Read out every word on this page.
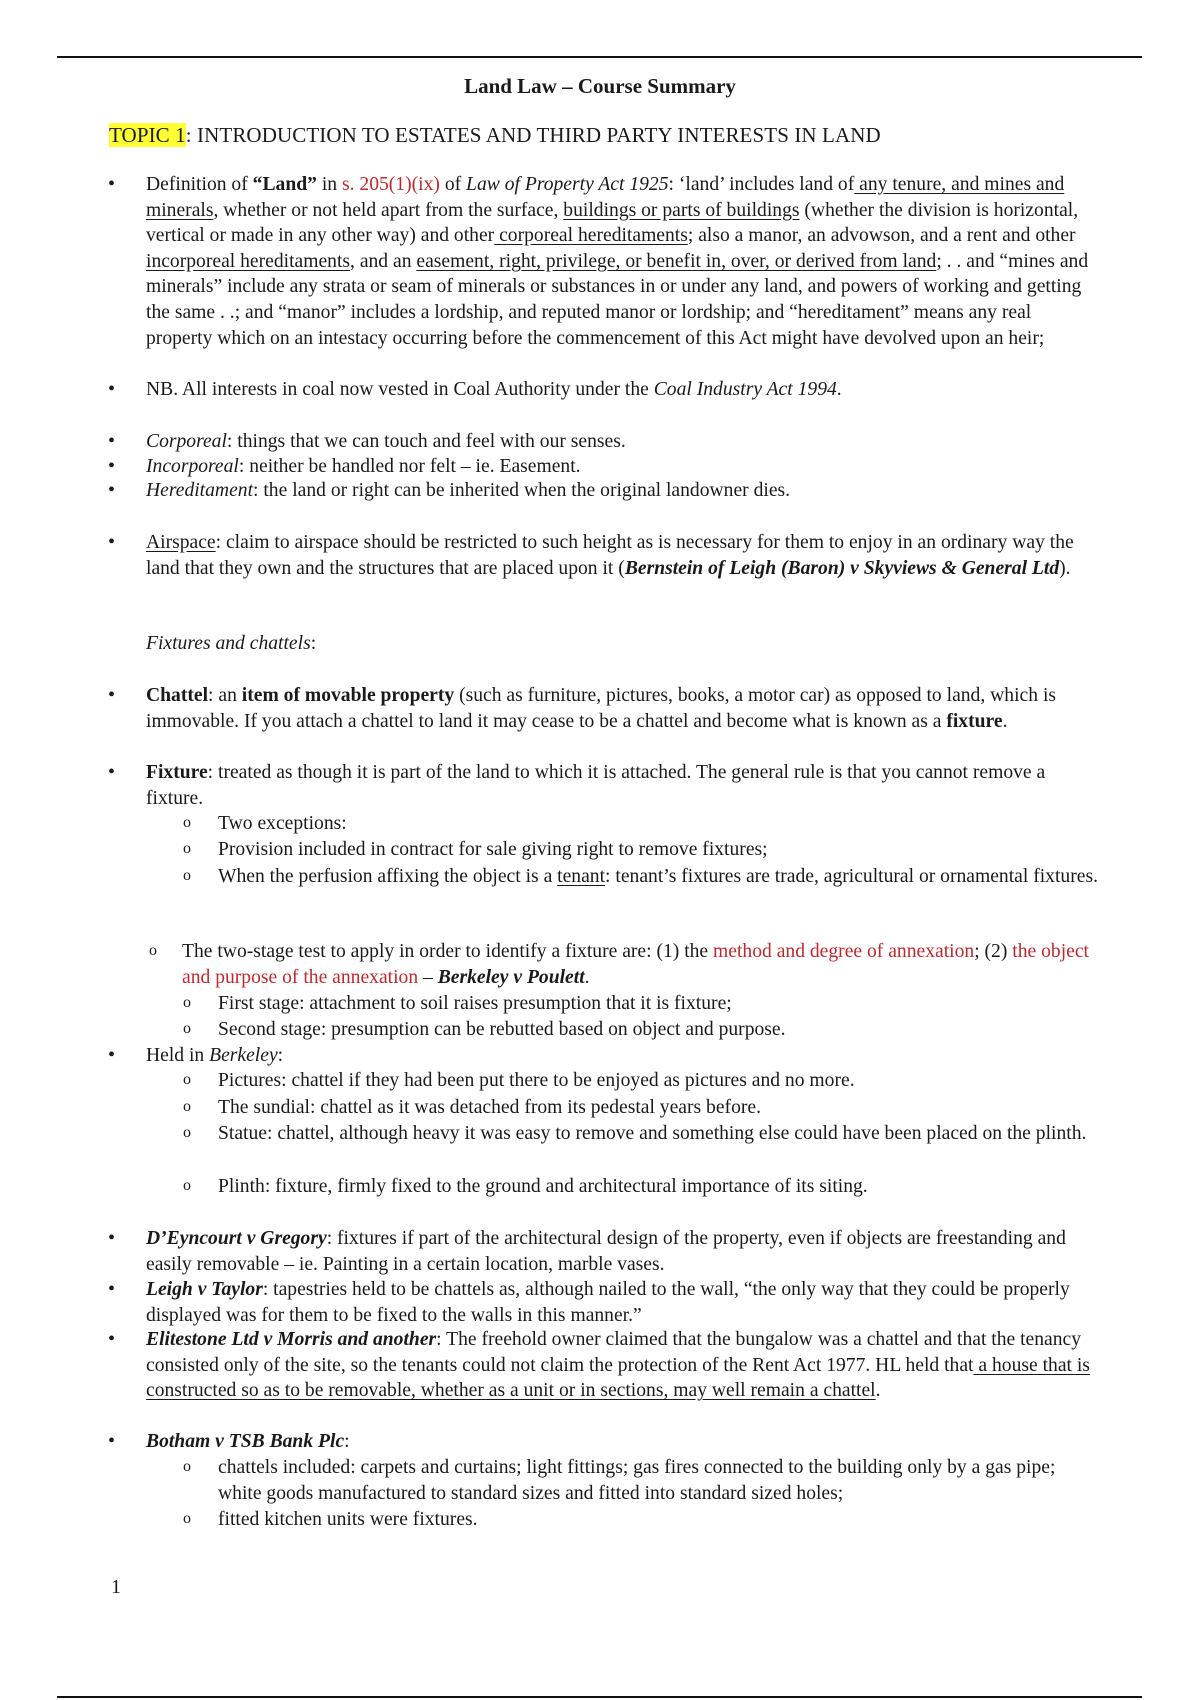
Land Law – Course Summary
TOPIC 1: INTRODUCTION TO ESTATES AND THIRD PARTY INTERESTS IN LAND
• Definition of “Land” in s. 205(1)(ix) of Law of Property Act 1925: ‘land’ includes land of any tenure, and mines and minerals, whether or not held apart from the surface, buildings or parts of buildings (whether the division is horizontal, vertical or made in any other way) and other corporeal hereditaments; also a manor, an advowson, and a rent and other incorporeal hereditaments, and an easement, right, privilege, or benefit in, over, or derived from land; . . and “mines and minerals” include any strata or seam of minerals or substances in or under any land, and powers of working and getting the same . .; and “manor” includes a lordship, and reputed manor or lordship; and “hereditament” means any real property which on an intestacy occurring before the commencement of this Act might have devolved upon an heir;
• NB. All interests in coal now vested in Coal Authority under the Coal Industry Act 1994.
• Corporeal: things that we can touch and feel with our senses.
• Incorporeal: neither be handled nor felt – ie. Easement.
• Hereditament: the land or right can be inherited when the original landowner dies.
• Airspace: claim to airspace should be restricted to such height as is necessary for them to enjoy in an ordinary way the land that they own and the structures that are placed upon it (Bernstein of Leigh (Baron) v Skyviews & General Ltd).
Fixtures and chattels:
• Chattel: an item of movable property (such as furniture, pictures, books, a motor car) as opposed to land, which is immovable. If you attach a chattel to land it may cease to be a chattel and become what is known as a fixture.
• Fixture: treated as though it is part of the land to which it is attached. The general rule is that you cannot remove a fixture.
o Two exceptions:
o Provision included in contract for sale giving right to remove fixtures;
o When the perfusion affixing the object is a tenant: tenant’s fixtures are trade, agricultural or ornamental fixtures.
o The two-stage test to apply in order to identify a fixture are: (1) the method and degree of annexation; (2) the object and purpose of the annexation – Berkeley v Poulett.
o First stage: attachment to soil raises presumption that it is fixture;
o Second stage: presumption can be rebutted based on object and purpose.
• Held in Berkeley:
o Pictures: chattel if they had been put there to be enjoyed as pictures and no more.
o The sundial: chattel as it was detached from its pedestal years before.
o Statue: chattel, although heavy it was easy to remove and something else could have been placed on the plinth.
o Plinth: fixture, firmly fixed to the ground and architectural importance of its siting.
• D’Eyncourt v Gregory: fixtures if part of the architectural design of the property, even if objects are freestanding and easily removable – ie. Painting in a certain location, marble vases.
• Leigh v Taylor: tapestries held to be chattels as, although nailed to the wall, “the only way that they could be properly displayed was for them to be fixed to the walls in this manner.”
• Elitestone Ltd v Morris and another: The freehold owner claimed that the bungalow was a chattel and that the tenancy consisted only of the site, so the tenants could not claim the protection of the Rent Act 1977. HL held that a house that is constructed so as to be removable, whether as a unit or in sections, may well remain a chattel.
• Botham v TSB Bank Plc:
o chattels included: carpets and curtains; light fittings; gas fires connected to the building only by a gas pipe; white goods manufactured to standard sizes and fitted into standard sized holes;
o fitted kitchen units were fixtures.
1
